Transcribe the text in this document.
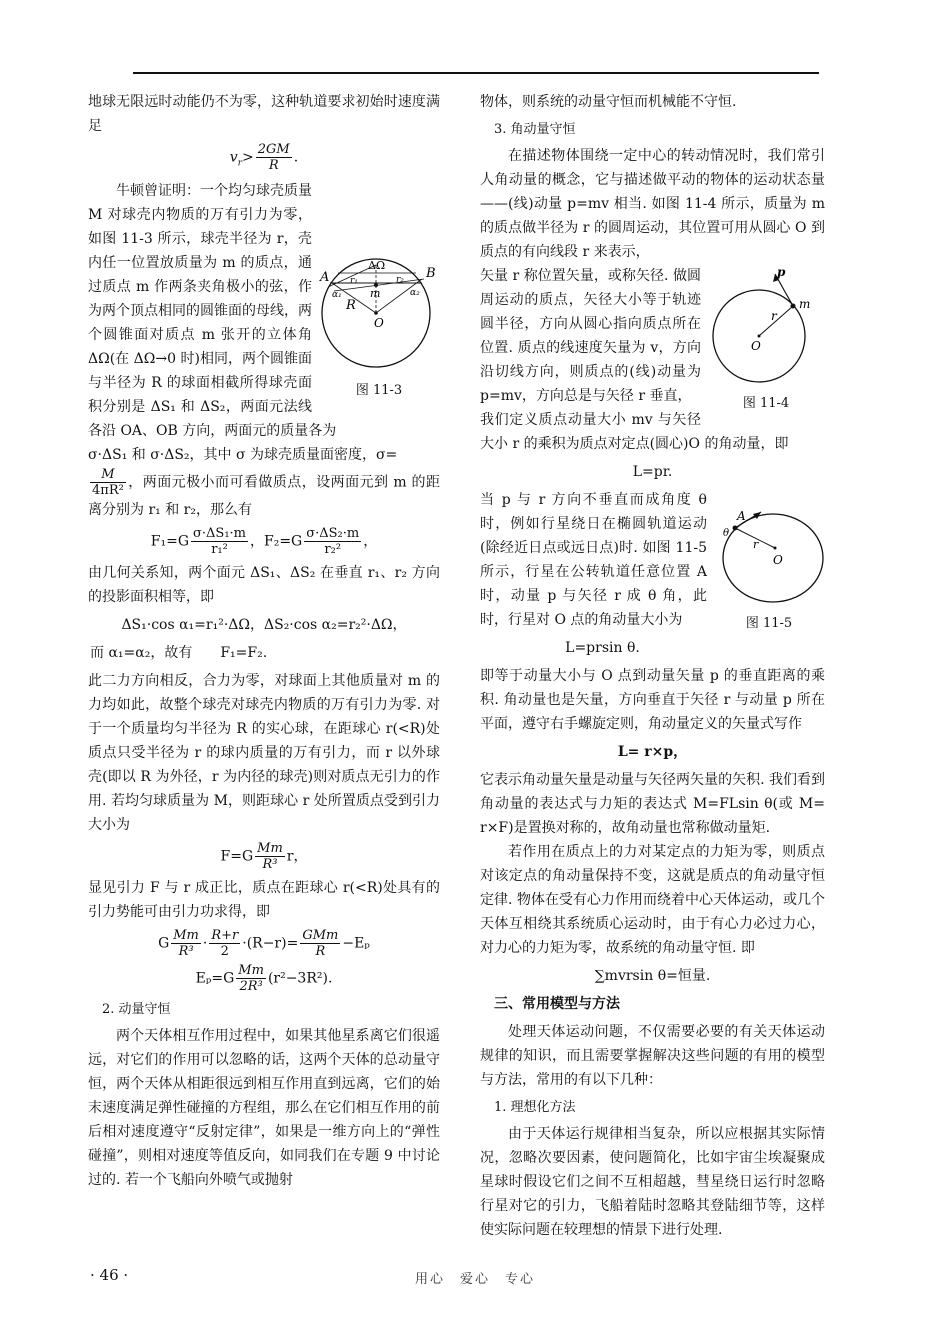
地球无限远时动能仍不为零，这种轨道要求初始时速度满足

$v_r> \frac{2GM}{R}$ .

A	B
ΔΩ
α₁	α₂
r₁	r₂
m
R
O
图 11-3
牛顿曾证明：一个均匀球壳质量 M 对球壳内物质的万有引力为零，如图 11-3 所示，球壳半径为 r，壳内任一位置放质量为 m 的质点，通过质点 m 作两条夹角极小的弦，作为两个顶点相同的圆锥面的母线，两个圆锥面对质点 m 张开的立体角 ΔΩ(在 ΔΩ→0 时)相同，两个圆锥面与半径为 R 的球面相截所得球壳面积分别是 ΔS₁ 和 ΔS₂，两面元法线各沿 OA、OB 方向，两面元的质量各为

σ·ΔS₁ 和 σ·ΔS₂，其中 σ 为球壳质量面密度，σ=

$\frac{M}{\text{4πR²}}$ ，两面元极小而可看做质点，设两面元到 m 的距离分别为 r₁ 和 r₂，那么有

$F_1=G \frac{\text{σ·ΔS₁·m}}{\text{r₁²}}$ ，$F_2=G \frac{\text{σ·ΔS₂·m}}{\text{r₂²}}$ ，

由几何关系知，两个面元 ΔS₁、ΔS₂ 在垂直 r₁、r₂ 方向的投影面积相等，即

ΔS₁·cos α₁=r₁²·ΔΩ，ΔS₂·cos α₂=r₂²·ΔΩ，
而 α₁=α₂，故有　　F₁=F₂.

此二力方向相反，合力为零，对球面上其他质量对 m 的力均如此，故整个球壳对球壳内物质的万有引力为零. 对于一个质量均匀半径为 R 的实心球，在距球心 r(<R)处质点只受半径为 r 的球内质量的万有引力，而 r 以外球壳(即以 R 为外径，r 为内径的球壳)则对质点无引力的作用. 若均匀球质量为 M，则距球心 r 处所置质点受到引力大小为

$F=G \frac{Mm}{\text{R³}}$ r，

显见引力 F 与 r 成正比，质点在距球心 r(<R)处具有的引力势能可由引力功求得，即

G $\frac{Mm}{\text{R³}} \cdot \frac{R+r}{2} \cdot(R-r)= \frac{\text{GMm}}{R} -E_p$
$E_p=G \frac{Mm}{\text{2R³}} (r^2-3R^2)$.
2. 动量守恒

两个天体相互作用过程中，如果其他星系离它们很遥远，对它们的作用可以忽略的话，这两个天体的总动量守恒，两个天体从相距很远到相互作用直到远离，它们的始末速度满足弹性碰撞的方程组，那么在它们相互作用的前后相对速度遵守“反射定律”，如果是一维方向上的“弹性碰撞”，则相对速度等值反向，如同我们在专题 9 中讨论过的. 若一个飞船向外喷气或抛射

物体，则系统的动量守恒而机械能不守恒.

3. 角动量守恒

在描述物体围绕一定中心的转动情况时，我们常引人角动量的概念，它与描述做平动的物体的运动状态量——(线)动量 p=mv 相当. 如图 11-4 所示，质量为 m 的质点做半径为 r 的圆周运动，其位置可用从圆心 O 到质点的有向线段 r 来表示，

p
m
r
O
图 11-4
矢量 r 称位置矢量，或称矢径. 做圆周运动的质点，矢径大小等于轨迹圆半径，方向从圆心指向质点所在位置. 质点的线速度矢量为 v，方向沿切线方向，则质点的(线)动量为 p=mv，方向总是与矢径 r 垂直，

我们定义质点动量大小 mv 与矢径大小 r 的乘积为质点对定点(圆心)O 的角动量，即

L=pr.

A
θ
r
O
图 11-5
当 p 与 r 方向不垂直而成角度 θ 时，例如行星绕日在椭圆轨道运动(除经近日点或远日点)时. 如图 11-5 所示，行星在公转轨道任意位置 A 时，动量 p 与矢径 r 成 θ 角，此时，行星对 O 点的角动量大小为

L=prsin θ.

即等于动量大小与 O 点到动量矢量 p 的垂直距离的乘积. 角动量也是矢量，方向垂直于矢径 r 与动量 p 所在平面，遵守右手螺旋定则，角动量定义的矢量式写作

L= r×p，

它表示角动量矢量是动量与矢径两矢量的矢积. 我们看到角动量的表达式与力矩的表达式 M=FLsin θ(或 M= r×F)是置换对称的，故角动量也常称做动量矩.

若作用在质点上的力对某定点的力矩为零，则质点对该定点的角动量保持不变，这就是质点的角动量守恒定律. 物体在受有心力作用而绕着中心天体运动，或几个天体互相绕其系统质心运动时，由于有心力必过力心，对力心的力矩为零，故系统的角动量守恒. 即

∑mvrsin θ=恒量.
三、常用模型与方法

处理天体运动问题，不仅需要必要的有关天体运动规律的知识，而且需要掌握解决这些问题的有用的模型与方法，常用的有以下几种：

1. 理想化方法

由于天体运行规律相当复杂，所以应根据其实际情况，忽略次要因素，使问题简化，比如宇宙尘埃凝聚成星球时假设它们之间不互相超越，彗星绕日运行时忽略行星对它的引力，飞船着陆时忽略其登陆细节等，这样使实际问题在较理想的情景下进行处理.

· 46 ·	用心　爱心　专心
